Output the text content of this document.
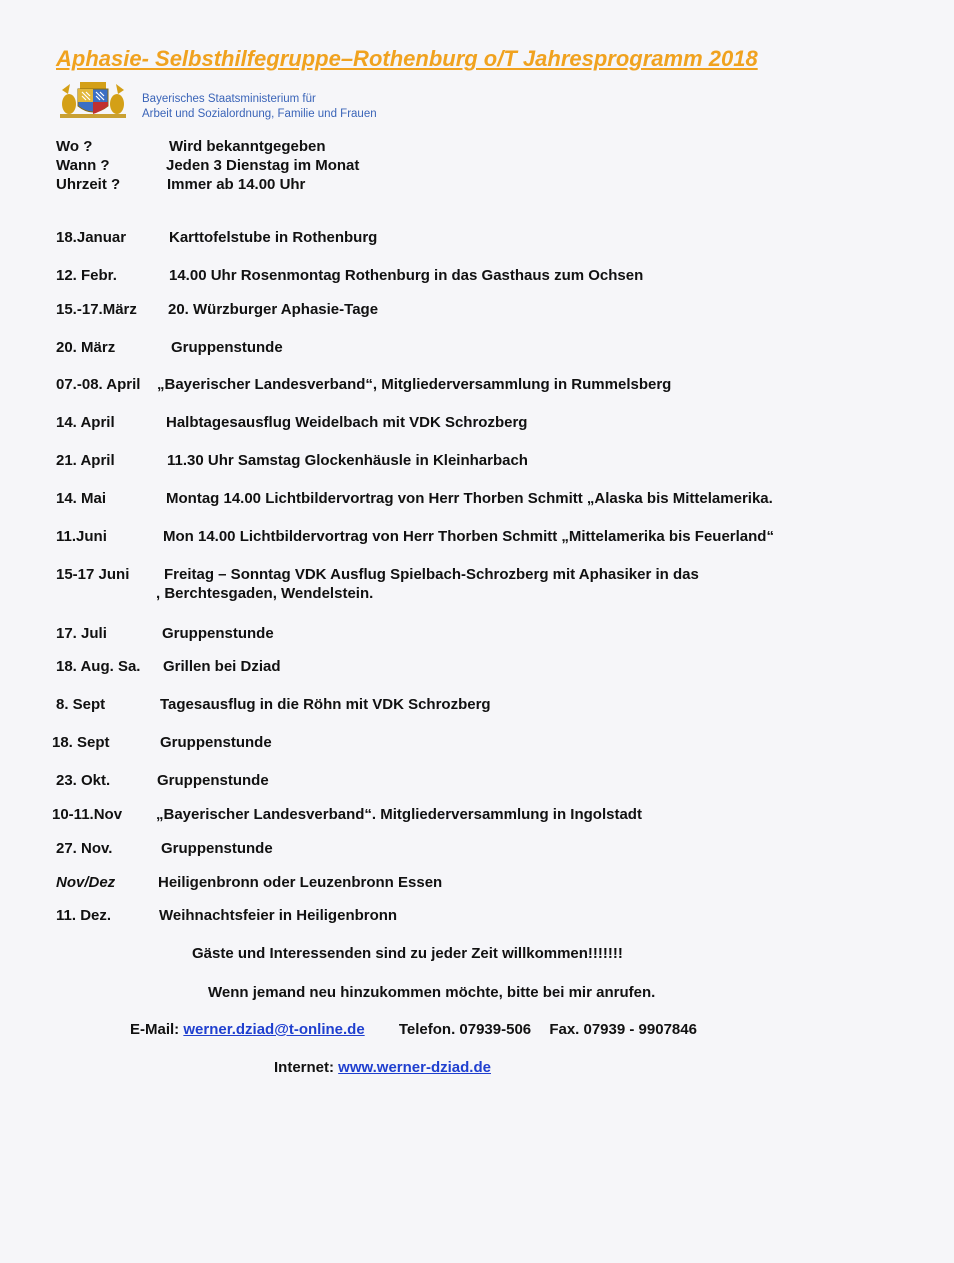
Aphasie- Selbsthilfegruppe–Rothenburg o/T Jahresprogramm 2018
Bayerisches Staatsministerium für
Arbeit und Sozialordnung, Familie und Frauen
Wo ?	Wird bekanntgegeben
Wann ?	Jeden 3 Dienstag im Monat
Uhrzeit ?	Immer ab 14.00 Uhr
18.Januar	Karttofelstube in Rothenburg
12. Febr.	14.00 Uhr Rosenmontag Rothenburg in das Gasthaus zum Ochsen
15.-17.März 20. Würzburger Aphasie-Tage
20. März	Gruppenstunde
07.-08. April „Bayerischer Landesverband“, Mitgliederversammlung in Rummelsberg
14. April	Halbtagesausflug Weidelbach mit VDK Schrozberg
21. April	11.30 Uhr Samstag Glockenhäusle in Kleinharbach
14. Mai	Montag 14.00 Lichtbildervortrag von Herr Thorben Schmitt „Alaska bis Mittelamerika.
11.Juni	Mon 14.00 Lichtbildervortrag von Herr Thorben Schmitt „Mittelamerika bis Feuerland“
15-17 Juni Freitag – Sonntag VDK Ausflug Spielbach-Schrozberg mit Aphasiker in das
, Berchtesgaden, Wendelstein.
17. Juli	Gruppenstunde
18. Aug. Sa. Grillen bei Dziad
8. Sept	Tagesausflug in die Röhn mit VDK Schrozberg
18. Sept	Gruppenstunde
23. Okt.	Gruppenstunde
10-11.Nov „Bayerischer Landesverband“. Mitgliederversammlung in Ingolstadt
27. Nov.	Gruppenstunde
Nov/Dez	Heiligenbronn oder Leuzenbronn Essen
11. Dez.	Weihnachtsfeier in Heiligenbronn
Gäste und Interessenden sind zu jeder Zeit willkommen!!!!!!!
Wenn jemand neu hinzukommen möchte, bitte bei mir anrufen.
E-Mail: werner.dziad@t-online.de Telefon. 07939-506 Fax. 07939 - 9907846
Internet: www.werner-dziad.de
